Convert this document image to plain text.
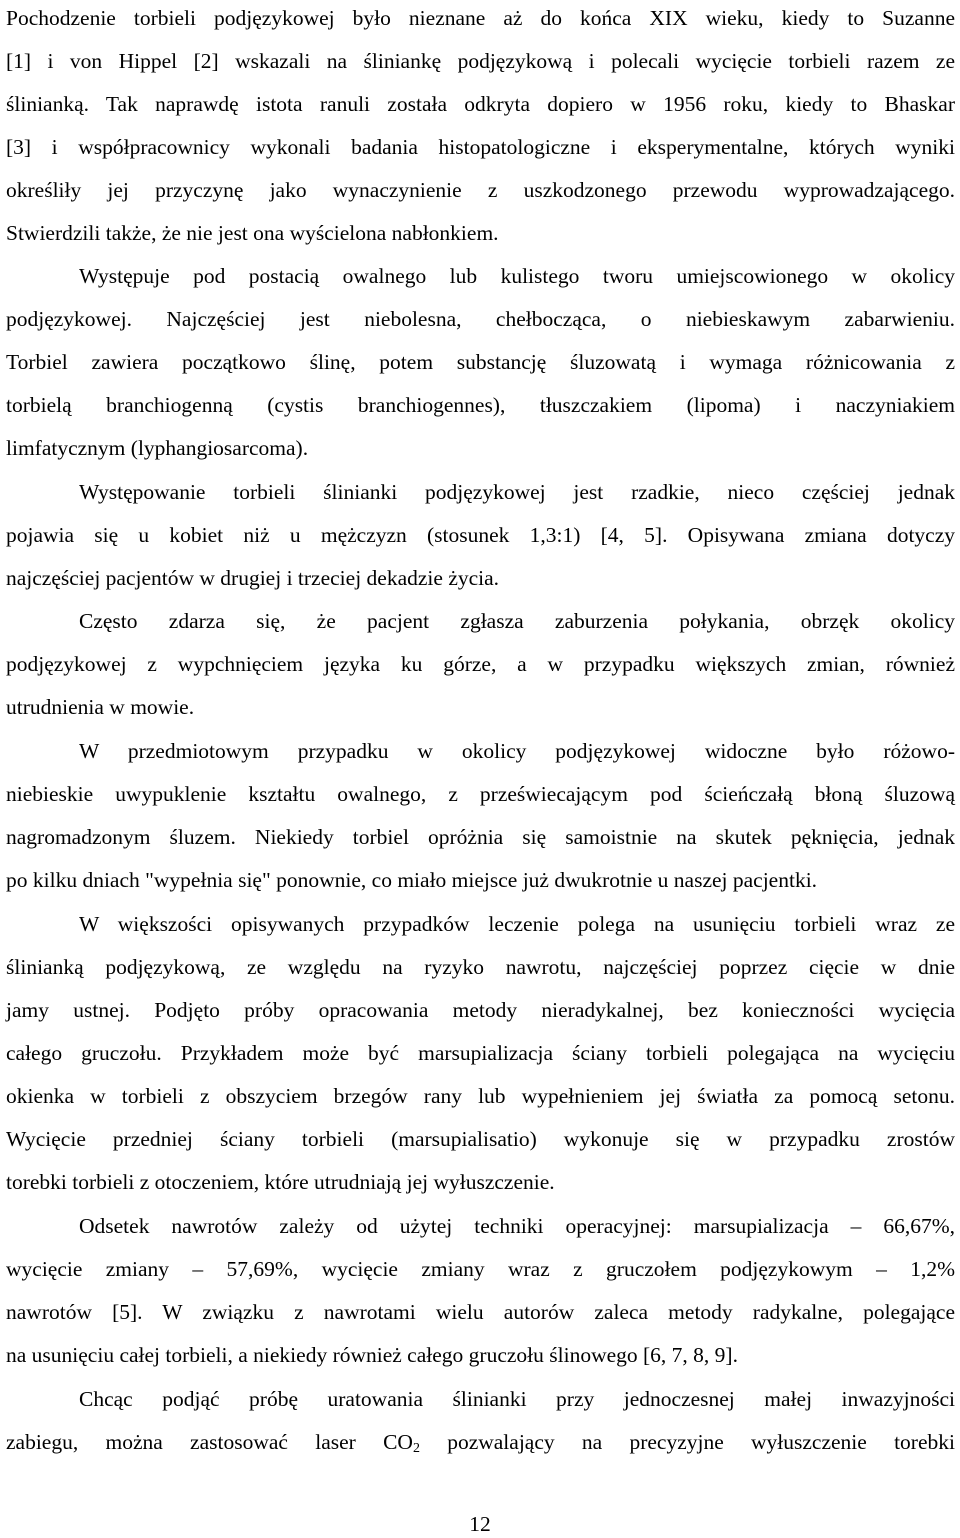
Pochodzenie torbieli podjęzykowej było nieznane aż do końca XIX wieku, kiedy to Suzanne
[1] i von Hippel [2] wskazali na śliniankę podjęzykową i polecali wycięcie torbieli razem ze
ślinianką. Tak naprawdę istota ranuli została odkryta dopiero w 1956 roku, kiedy to Bhaskar
[3] i współpracownicy wykonali badania histopatologiczne i eksperymentalne, których wyniki
określiły jej przyczynę jako wynaczynienie z uszkodzonego przewodu wyprowadzającego.
Stwierdzili także, że nie jest ona wyścielona nabłonkiem.
Występuje pod postacią owalnego lub kulistego tworu umiejscowionego w okolicy
podjęzykowej. Najczęściej jest niebolesna, chełbocząca, o niebieskawym zabarwieniu.
Torbiel zawiera początkowo ślinę, potem substancję śluzowatą i wymaga różnicowania z
torbielą branchiogenną (cystis branchiogennes), tłuszczakiem (lipoma) i naczyniakiem
limfatycznym (lyphangiosarcoma).
Występowanie torbieli ślinianki podjęzykowej jest rzadkie, nieco częściej jednak
pojawia się u kobiet niż u mężczyzn (stosunek 1,3:1) [4, 5]. Opisywana zmiana dotyczy
najczęściej pacjentów w drugiej i trzeciej dekadzie życia.
Często zdarza się, że pacjent zgłasza zaburzenia połykania, obrzęk okolicy
podjęzykowej z wypchnięciem języka ku górze, a w przypadku większych zmian, również
utrudnienia w mowie.
W przedmiotowym przypadku w okolicy podjęzykowej widoczne było różowo-
niebieskie uwypuklenie kształtu owalnego, z przeświecającym pod ścieńczałą błoną śluzową
nagromadzonym śluzem. Niekiedy torbiel opróżnia się samoistnie na skutek pęknięcia, jednak
po kilku dniach "wypełnia się" ponownie, co miało miejsce już dwukrotnie u naszej pacjentki.
W większości opisywanych przypadków leczenie polega na usunięciu torbieli wraz ze
ślinianką podjęzykową, ze względu na ryzyko nawrotu, najczęściej poprzez cięcie w dnie
jamy ustnej. Podjęto próby opracowania metody nieradykalnej, bez konieczności wycięcia
całego gruczołu. Przykładem może być marsupializacja ściany torbieli polegająca na wycięciu
okienka w torbieli z obszyciem brzegów rany lub wypełnieniem jej światła za pomocą setonu.
Wycięcie przedniej ściany torbieli (marsupialisatio) wykonuje się w przypadku zrostów
torebki torbieli z otoczeniem, które utrudniają jej wyłuszczenie.
Odsetek nawrotów zależy od użytej techniki operacyjnej: marsupializacja – 66,67%,
wycięcie zmiany – 57,69%, wycięcie zmiany wraz z gruczołem podjęzykowym – 1,2%
nawrotów [5]. W związku z nawrotami wielu autorów zaleca metody radykalne, polegające
na usunięciu całej torbieli, a niekiedy również całego gruczołu ślinowego [6, 7, 8, 9].
Chcąc podjąć próbę uratowania ślinianki przy jednoczesnej małej inwazyjności
zabiegu, można zastosować laser $CO_2$ pozwalający na precyzyjne wyłuszczenie torebki
12
